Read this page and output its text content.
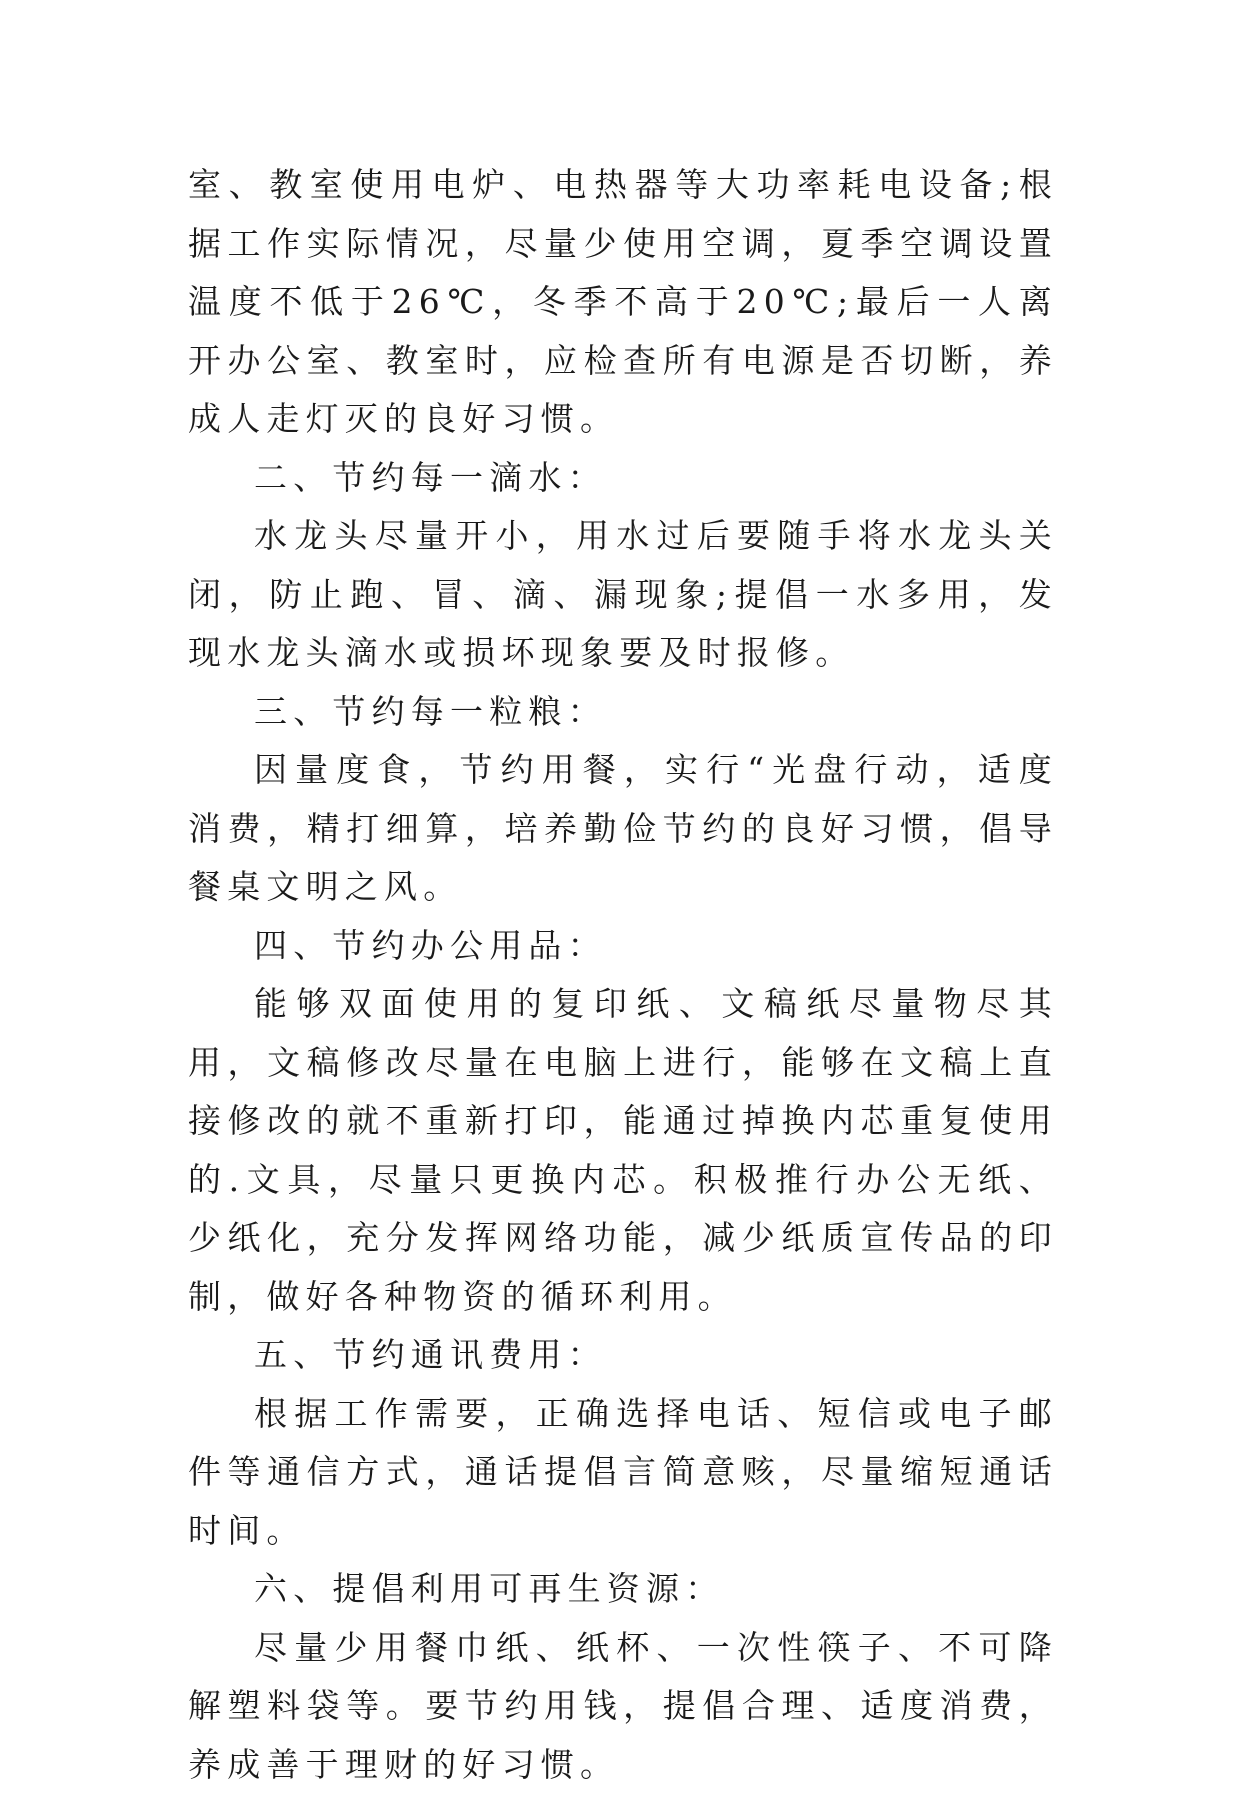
室、教室使用电炉、电热器等大功率耗电设备;根据工作实际情况，尽量少使用空调，夏季空调设置温度不低于26℃，冬季不高于20℃;最后一人离开办公室、教室时，应检查所有电源是否切断，养成人走灯灭的良好习惯。

二、节约每一滴水：

水龙头尽量开小，用水过后要随手将水龙头关闭，防止跑、冒、滴、漏现象;提倡一水多用，发现水龙头滴水或损坏现象要及时报修。

三、节约每一粒粮：

因量度食，节约用餐，实行“光盘行动，适度消费，精打细算，培养勤俭节约的良好习惯，倡导餐桌文明之风。

四、节约办公用品：

能够双面使用的复印纸、文稿纸尽量物尽其用，文稿修改尽量在电脑上进行，能够在文稿上直接修改的就不重新打印，能通过掉换内芯重复使用的.文具，尽量只更换内芯。积极推行办公无纸、少纸化，充分发挥网络功能，减少纸质宣传品的印制，做好各种物资的循环利用。

五、节约通讯费用：

根据工作需要，正确选择电话、短信或电子邮件等通信方式，通话提倡言简意赅，尽量缩短通话时间。

六、提倡利用可再生资源：

尽量少用餐巾纸、纸杯、一次性筷子、不可降解塑料袋等。要节约用钱，提倡合理、适度消费，养成善于理财的好习惯。
